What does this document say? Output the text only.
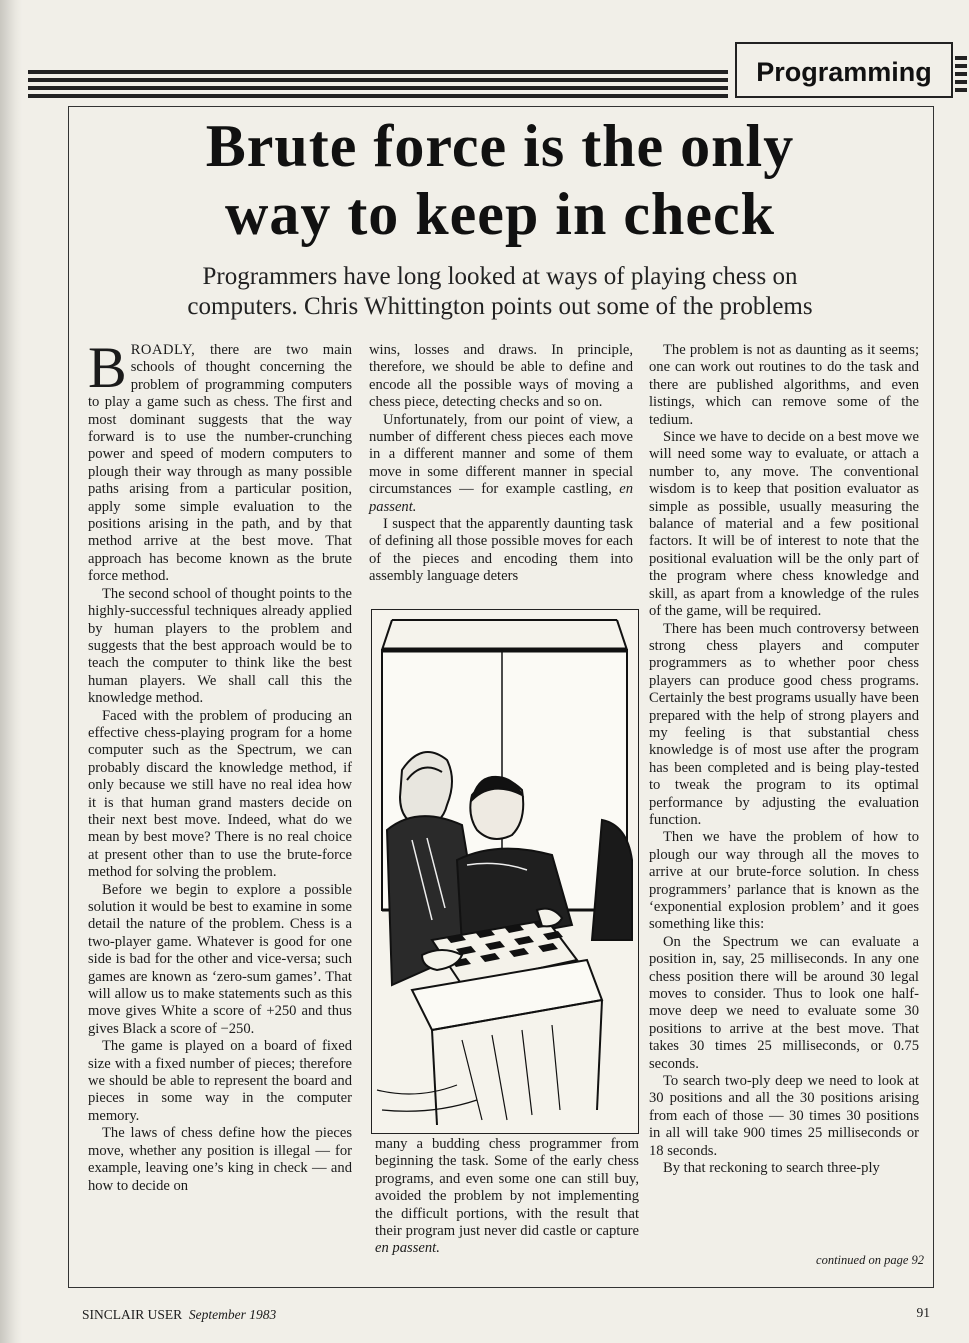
Programming
Brute force is the only
way to keep in check

Programmers have long looked at ways of playing chess on
computers. Chris Whittington points out some of the problems

BROADLY, there are two main schools of thought concerning the problem of programming computers to play a game such as chess. The first and most dominant suggests that the way forward is to use the number-crunching power and speed of modern computers to plough their way through as many possible paths arising from a particular position, apply some simple evaluation to the positions arising in the path, and by that method arrive at the best move. That approach has become known as the brute force method.

The second school of thought points to the highly-successful techniques already applied by human players to the problem and suggests that the best approach would be to teach the computer to think like the best human players. We shall call this the knowledge method.

Faced with the problem of producing an effective chess-playing program for a home computer such as the Spectrum, we can probably discard the knowledge method, if only because we still have no real idea how it is that human grand masters decide on their next best move. Indeed, what do we mean by best move? There is no real choice at present other than to use the brute-force method for solving the problem.

Before we begin to explore a possible solution it would be best to examine in some detail the nature of the problem. Chess is a two-player game. Whatever is good for one side is bad for the other and vice-versa; such games are known as ‘zero-sum games’. That will allow us to make statements such as this move gives White a score of +250 and thus gives Black a score of −250.

The game is played on a board of fixed size with a fixed number of pieces; therefore we should be able to represent the board and pieces in some way in the computer memory.

The laws of chess define how the pieces move, whether any position is illegal — for example, leaving one’s king in check — and how to decide on

wins, losses and draws. In principle, therefore, we should be able to define and encode all the possible ways of moving a chess piece, detecting checks and so on.

Unfortunately, from our point of view, a number of different chess pieces each move in a different manner and some of them move in some different manner in special circumstances — for example castling, en passent.

I suspect that the apparently daunting task of defining all those possible moves for each of the pieces and encoding them into assembly language deters

many a budding chess programmer from beginning the task. Some of the early chess programs, and even some one can still buy, avoided the problem by not implementing the difficult portions, with the result that their program just never did castle or capture en passent.

The problem is not as daunting as it seems; one can work out routines to do the task and there are published algorithms, and even listings, which can remove some of the tedium.

Since we have to decide on a best move we will need some way to evaluate, or attach a number to, any move. The conventional wisdom is to keep that position evaluator as simple as possible, usually measuring the balance of material and a few positional factors. It will be of interest to note that the positional evaluation will be the only part of the program where chess knowledge and skill, as apart from a knowledge of the rules of the game, will be required.

There has been much controversy between strong chess players and computer programmers as to whether poor chess players can produce good chess programs. Certainly the best programs usually have been prepared with the help of strong players and my feeling is that substantial chess knowledge is of most use after the program has been completed and is being play-tested to tweak the program to its optimal performance by adjusting the evaluation function.

Then we have the problem of how to plough our way through all the moves to arrive at our brute-force solution. In chess programmers’ parlance that is known as the ‘exponential explosion problem’ and it goes something like this:

On the Spectrum we can evaluate a position in, say, 25 milliseconds. In any one chess position there will be around 30 legal moves to consider. Thus to look one half-move deep we need to evaluate some 30 positions to arrive at the best move. That takes 30 times 25 milliseconds, or 0.75 seconds.

To search two-ply deep we need to look at 30 positions and all the 30 positions arising from each of those — 30 times 30 positions in all will take 900 times 25 milliseconds or 18 seconds.

By that reckoning to search three-ply

continued on page 92

SINCLAIR USER September 1983	91
